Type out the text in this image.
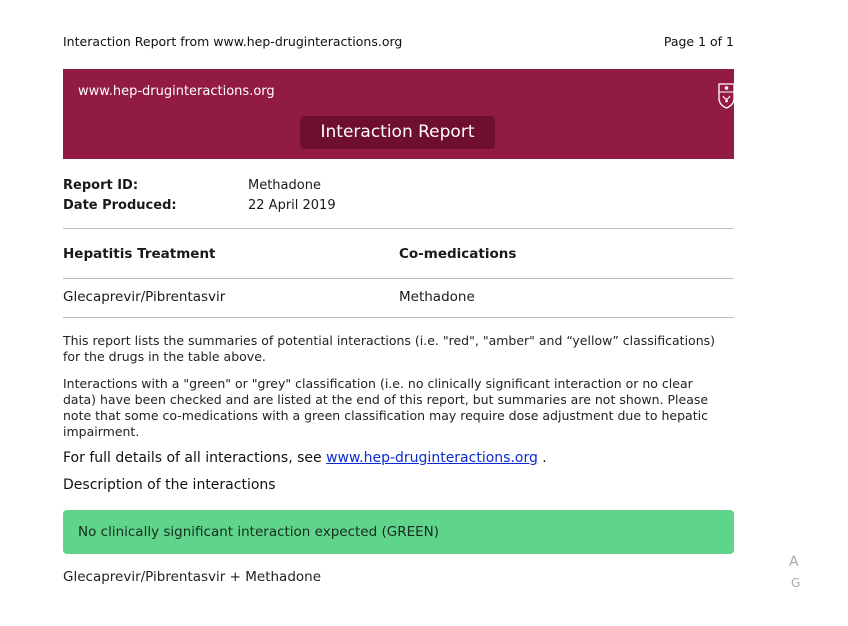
Interaction Report from www.hep-druginteractions.org	Page 1 of 1
www.hep-druginteractions.org	UNIVERSITY OF
LIVERPOOL
Interaction Report
Report ID:	Methadone
Date Produced:	22 April 2019
Hepatitis Treatment	Co-medications
Glecaprevir/Pibrentasvir	Methadone
This report lists the summaries of potential interactions (i.e. "red", "amber" and “yellow” classifications) for the drugs in the table above.
Interactions with a "green" or "grey" classification (i.e. no clinically significant interaction or no clear data) have been checked and are listed at the end of this report, but summaries are not shown. Please note that some co-medications with a green classification may require dose adjustment due to hepatic impairment.
For full details of all interactions, see www.hep-druginteractions.org .
Description of the interactions
No clinically significant interaction expected (GREEN)
Glecaprevir/Pibrentasvir + Methadone
A
G
